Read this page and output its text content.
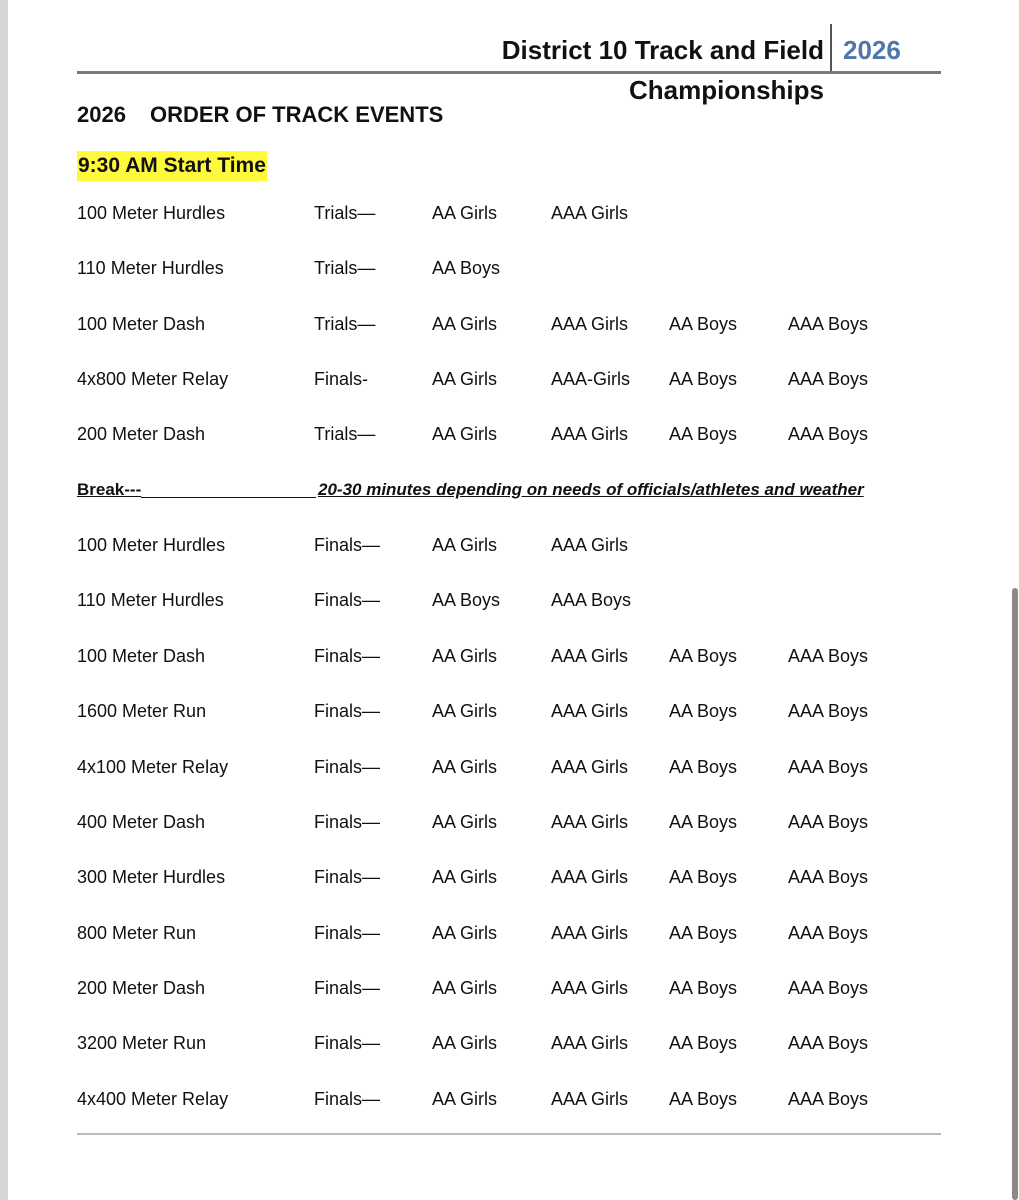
District 10 Track and Field Championships
2026
2026 ORDER OF TRACK EVENTS
9:30 AM Start Time
Break---	20-30 minutes depending on needs of officials/athletes and weather
100 Meter Hurdles	Trials—	AA Girls	AAA Girls
110 Meter Hurdles	Trials—	AA Boys
100 Meter Dash	Trials—	AA Girls	AAA Girls AA Boys	AAA Boys
4x800 Meter Relay	Finals-	AA Girls	AAA-Girls AA Boys	AAA Boys
200 Meter Dash	Trials—	AA Girls	AAA Girls AA Boys	AAA Boys
100 Meter Hurdles	Finals—	AA Girls	AAA Girls
110 Meter Hurdles	Finals—	AA Boys	AAA Boys
100 Meter Dash	Finals—	AA Girls	AAA Girls AA Boys	AAA Boys
1600 Meter Run	Finals—	AA Girls	AAA Girls AA Boys	AAA Boys
4x100 Meter Relay	Finals—	AA Girls	AAA Girls AA Boys	AAA Boys
400 Meter Dash	Finals—	AA Girls	AAA Girls AA Boys	AAA Boys
300 Meter Hurdles	Finals—	AA Girls	AAA Girls AA Boys	AAA Boys
800 Meter Run	Finals—	AA Girls	AAA Girls AA Boys	AAA Boys
200 Meter Dash	Finals—	AA Girls	AAA Girls AA Boys	AAA Boys
3200 Meter Run	Finals—	AA Girls	AAA Girls AA Boys	AAA Boys
4x400 Meter Relay	Finals—	AA Girls	AAA Girls AA Boys	AAA Boys
